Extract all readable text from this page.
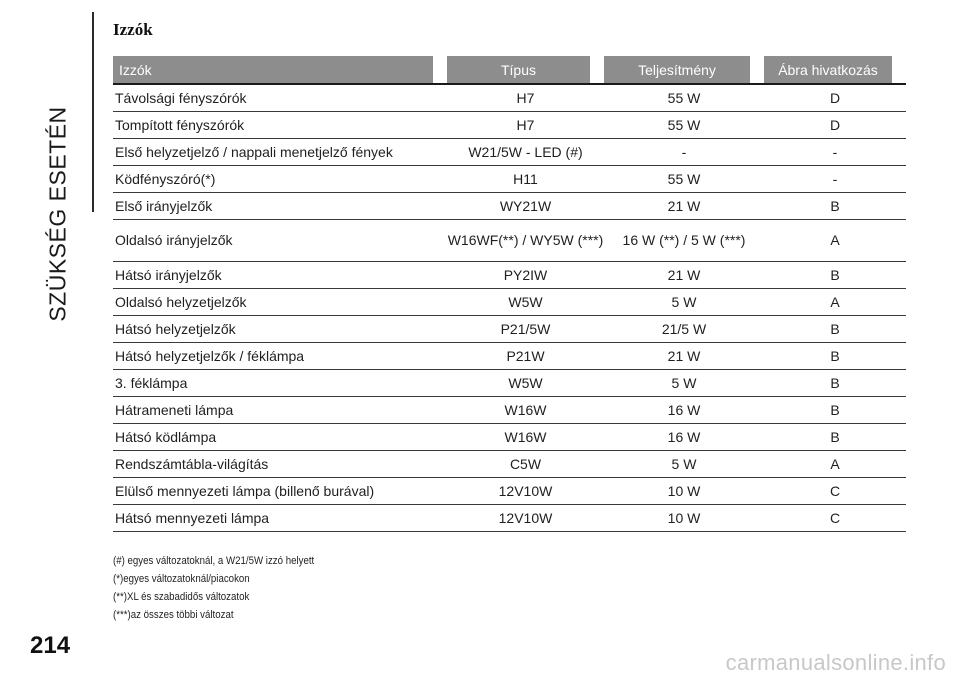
SZÜKSÉG ESETÉN
Izzók
Izzók	Típus	Teljesítmény	Ábra hivatkozás
Távolsági fényszórók	H7	55 W	D
Tompított fényszórók	H7	55 W	D
Első helyzetjelző / nappali menetjelző fények	W21/5W - LED (#)	-	-
Ködfényszóró(*)	H11	55 W	-
Első irányjelzők	WY21W	21 W	B
Oldalsó irányjelzők	W16WF(**) / WY5W (***)	16 W (**) / 5 W (***)	A
Hátsó irányjelzők	PY2IW	21 W	B
Oldalsó helyzetjelzők	W5W	5 W	A
Hátsó helyzetjelzők	P21/5W	21/5 W	B
Hátsó helyzetjelzők / féklámpa	P21W	21 W	B
3. féklámpa	W5W	5 W	B
Hátrameneti lámpa	W16W	16 W	B
Hátsó ködlámpa	W16W	16 W	B
Rendszámtábla-világítás	C5W	5 W	A
Elülső mennyezeti lámpa (billenő burával)	12V10W	10 W	C
Hátsó mennyezeti lámpa	12V10W	10 W	C
(#) egyes változatoknál, a W21/5W izzó helyett
(*)egyes változatoknál/piacokon
(**)XL és szabadidős változatok
(***)az összes többi változat
214
carmanualsonline.info
